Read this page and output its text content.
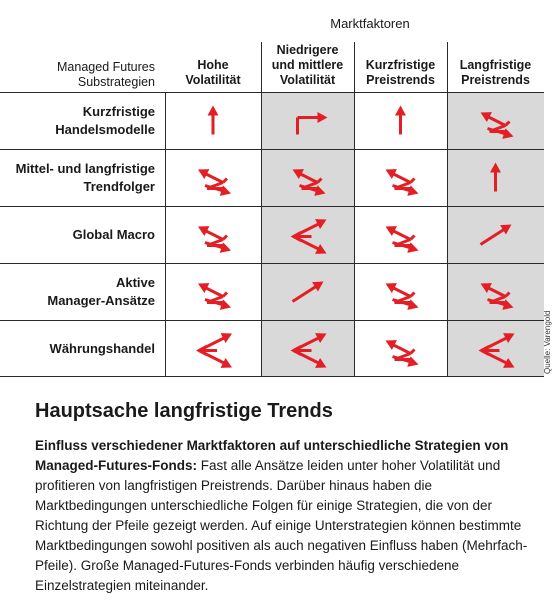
Marktfaktoren
Managed Futures
Substrategien
Hohe
Volatilität
Niedrigere
und mittlere
Volatilität
Kurzfristige
Preistrends
Langfristige
Preistrends
Kurzfristige
Handelsmodelle
Mittel- und langfristige
Trendfolger
Global Macro
Aktive
Manager-Ansätze
Währungshandel	Quelle: Varengold
Hauptsache langfristige Trends
Einfluss verschiedener Marktfaktoren auf unterschiedliche Strategien von Managed-Futures-Fonds: Fast alle Ansätze leiden unter hoher Volatilität und profitieren von langfristigen Preistrends. Darüber hinaus haben die Marktbedingungen unterschiedliche Folgen für einige Strategien, die von der Richtung der Pfeile gezeigt werden. Auf einige Unterstrategien können bestimmte Marktbedingungen sowohl positiven als auch negativen Einfluss haben (Mehrfach-Pfeile). Große Managed-Futures-Fonds verbinden häufig verschiedene Einzelstrategien miteinander.
